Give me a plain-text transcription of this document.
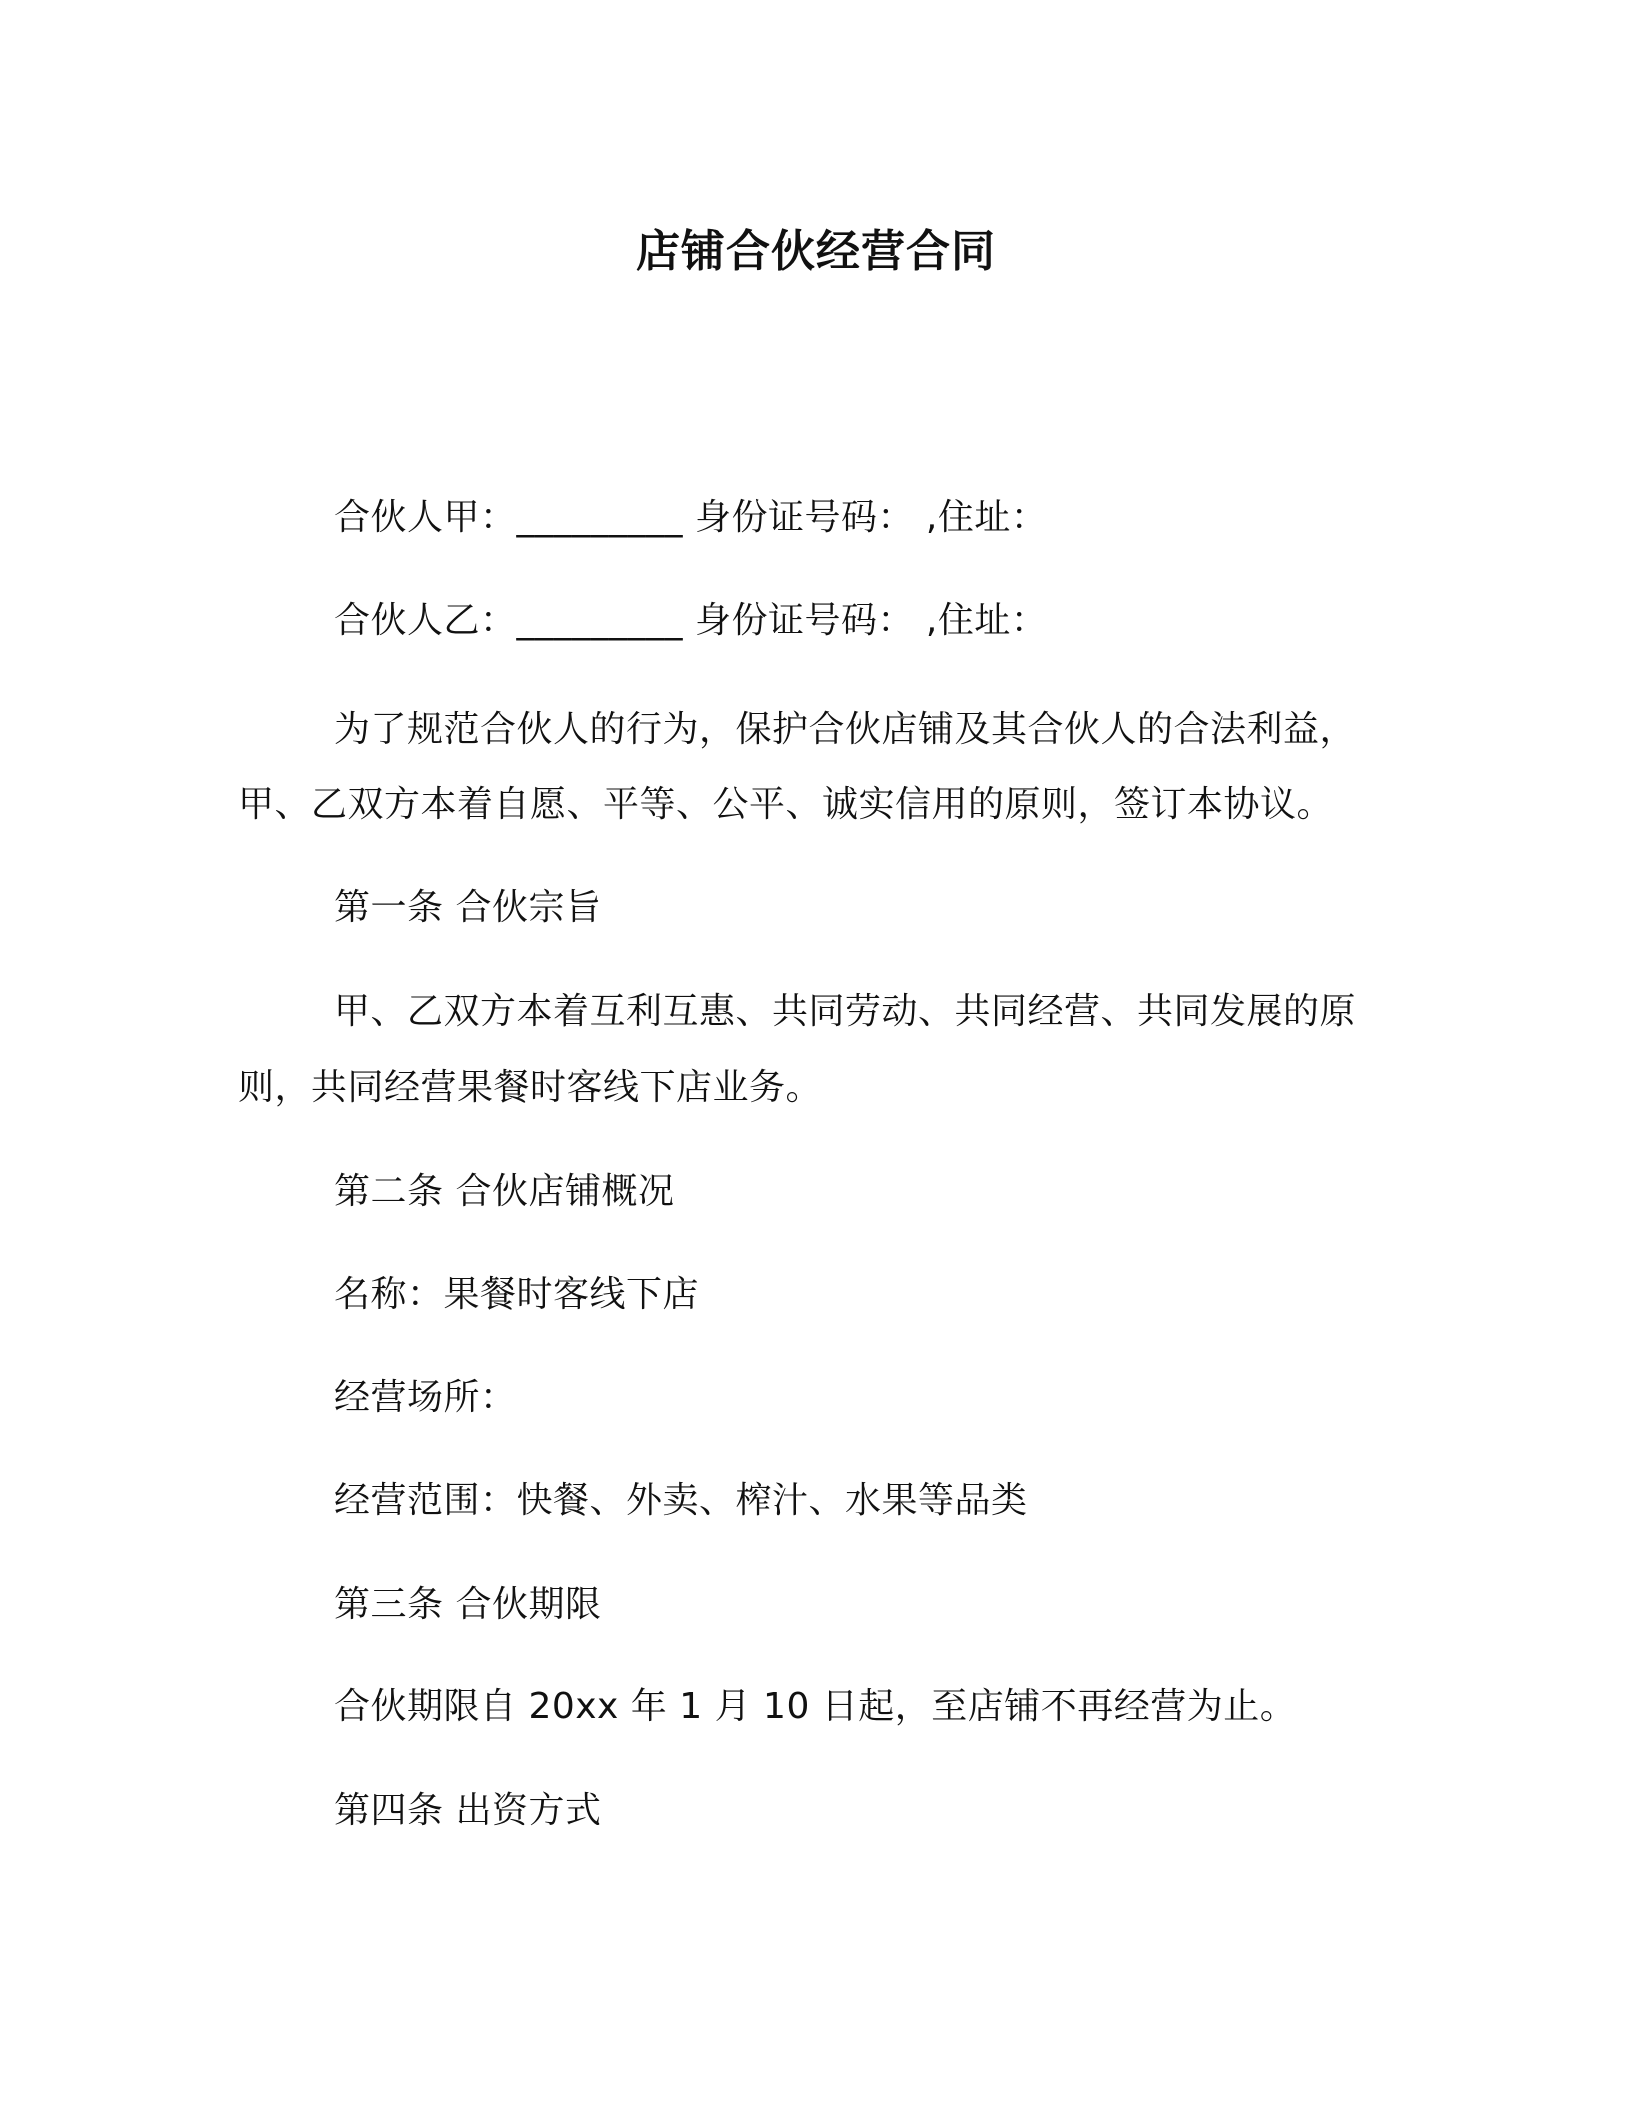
店铺合伙经营合同
合伙人甲：_________ 身份证号码： ,住址：
合伙人乙：_________ 身份证号码： ,住址：
为了规范合伙人的行为，保护合伙店铺及其合伙人的合法利益，
甲、乙双方本着自愿、平等、公平、诚实信用的原则，签订本协议。
第一条 合伙宗旨
甲、乙双方本着互利互惠、共同劳动、共同经营、共同发展的原
则，共同经营果餐时客线下店业务。
第二条 合伙店铺概况
名称：果餐时客线下店
经营场所：
经营范围：快餐、外卖、榨汁、水果等品类
第三条 合伙期限
合伙期限自 20xx 年 1 月 10 日起，至店铺不再经营为止。
第四条 出资方式
